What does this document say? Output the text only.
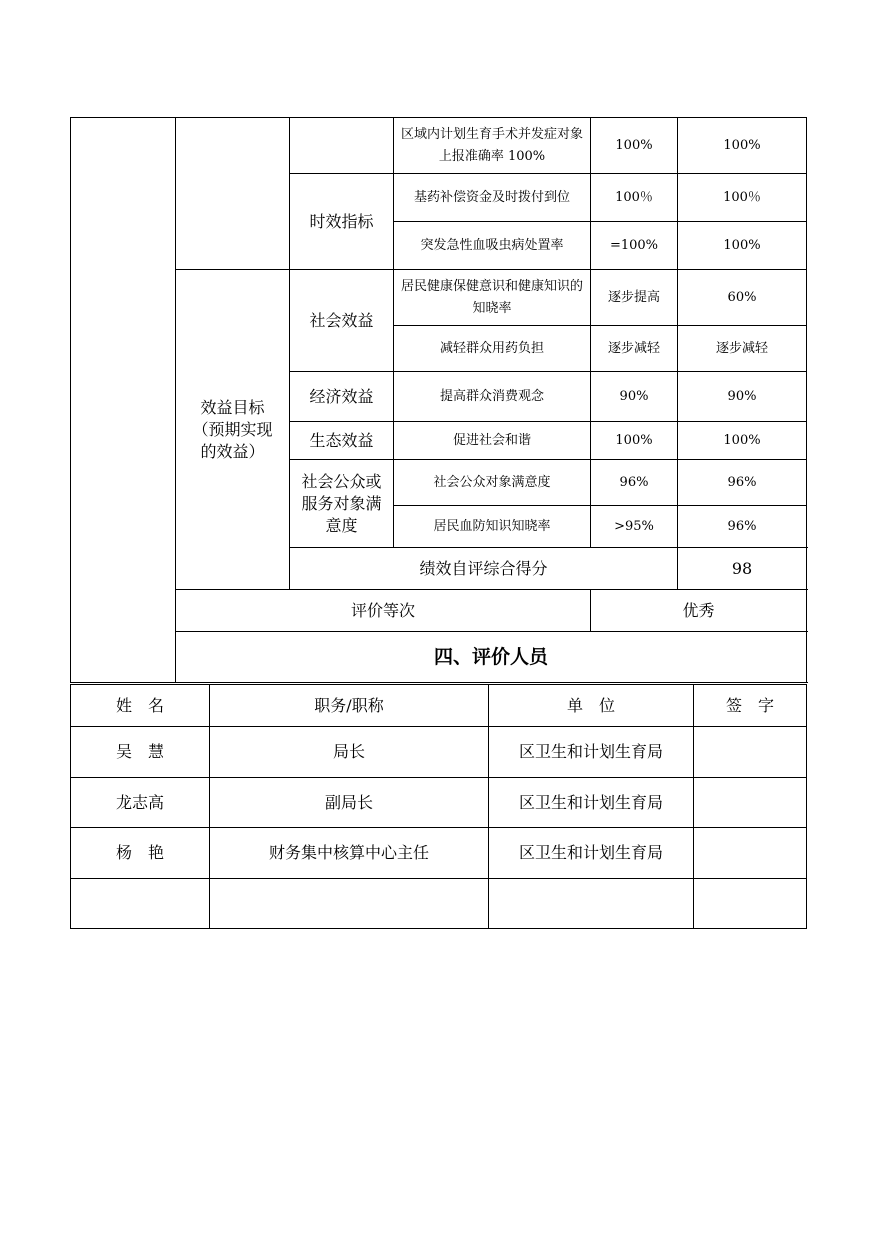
			区域内计划生育手术并发症对象上报准确率 100%	100%	100%
		时效指标	基药补偿资金及时拨付到位	100％	100％
			突发急性血吸虫病处置率	=100%	100%
	效益目标（预期实现的效益）	社会效益	居民健康保健意识和健康知识的知晓率	逐步提高	60%
			减轻群众用药负担	逐步减轻	逐步减轻
		经济效益	提高群众消费观念	90%	90%
		生态效益	促进社会和谐	100%	100%
		社会公众或服务对象满意度	社会公众对象满意度	96%	96%
			居民血防知识知晓率	>95%	96%
		绩效自评综合得分			98
	评价等次			优秀	
	四、评价人员				
姓　名	职务/职称	单　位	签　字
吴　慧	局长	区卫生和计划生育局	
龙志高	副局长	区卫生和计划生育局	
杨　艳	财务集中核算中心主任	区卫生和计划生育局	
